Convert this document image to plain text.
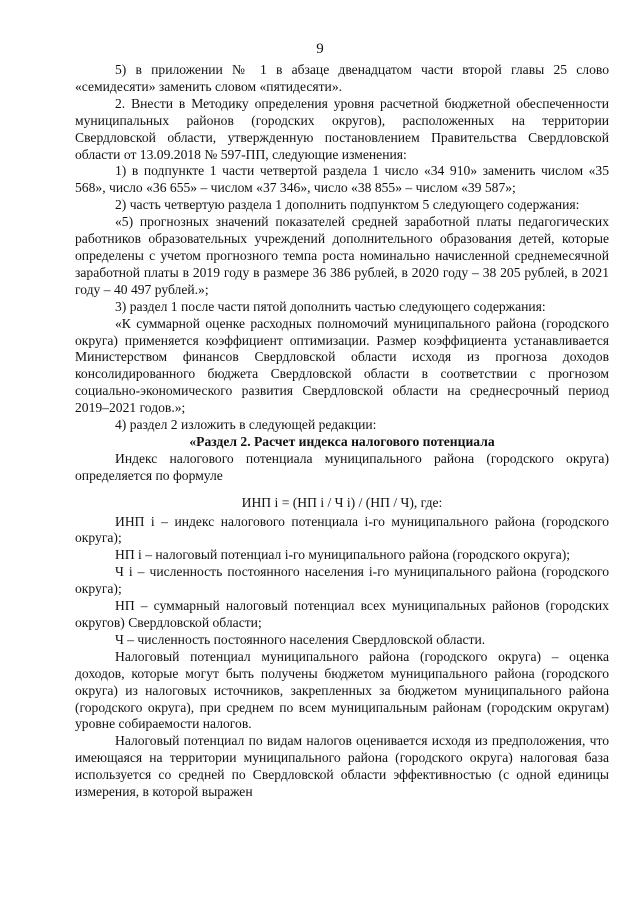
9

5) в приложении № 1 в абзаце двенадцатом части второй главы 25 слово «семидесяти» заменить словом «пятидесяти».

2. Внести в Методику определения уровня расчетной бюджетной обеспеченности муниципальных районов (городских округов), расположенных на территории Свердловской области, утвержденную постановлением Правительства Свердловской области от 13.09.2018 № 597-ПП, следующие изменения:

1) в подпункте 1 части четвертой раздела 1 число «34 910» заменить числом «35 568», число «36 655» – числом «37 346», число «38 855» – числом «39 587»;

2) часть четвертую раздела 1 дополнить подпунктом 5 следующего содержания:

«5) прогнозных значений показателей средней заработной платы педагогических работников образовательных учреждений дополнительного образования детей, которые определены с учетом прогнозного темпа роста номинально начисленной среднемесячной заработной платы в 2019 году в размере 36 386 рублей, в 2020 году – 38 205 рублей, в 2021 году – 40 497 рублей.»;

3) раздел 1 после части пятой дополнить частью следующего содержания:

«К суммарной оценке расходных полномочий муниципального района (городского округа) применяется коэффициент оптимизации. Размер коэффициента устанавливается Министерством финансов Свердловской области исходя из прогноза доходов консолидированного бюджета Свердловской области в соответствии с прогнозом социально-экономического развития Свердловской области на среднесрочный период 2019–2021 годов.»;

4) раздел 2 изложить в следующей редакции:

«Раздел 2. Расчет индекса налогового потенциала

Индекс налогового потенциала муниципального района (городского округа) определяется по формуле

ИНП i = (НП i / Ч i) / (НП / Ч), где:

ИНП i – индекс налогового потенциала i-го муниципального района (городского округа);

НП i – налоговый потенциал i-го муниципального района (городского округа);

Ч i – численность постоянного населения i-го муниципального района (городского округа);

НП – суммарный налоговый потенциал всех муниципальных районов (городских округов) Свердловской области;

Ч – численность постоянного населения Свердловской области.

Налоговый потенциал муниципального района (городского округа) – оценка доходов, которые могут быть получены бюджетом муниципального района (городского округа) из налоговых источников, закрепленных за бюджетом муниципального района (городского округа), при среднем по всем муниципальным районам (городским округам) уровне собираемости налогов.

Налоговый потенциал по видам налогов оценивается исходя из предположения, что имеющаяся на территории муниципального района (городского округа) налоговая база используется со средней по Свердловской области эффективностью (с одной единицы измерения, в которой выражен
